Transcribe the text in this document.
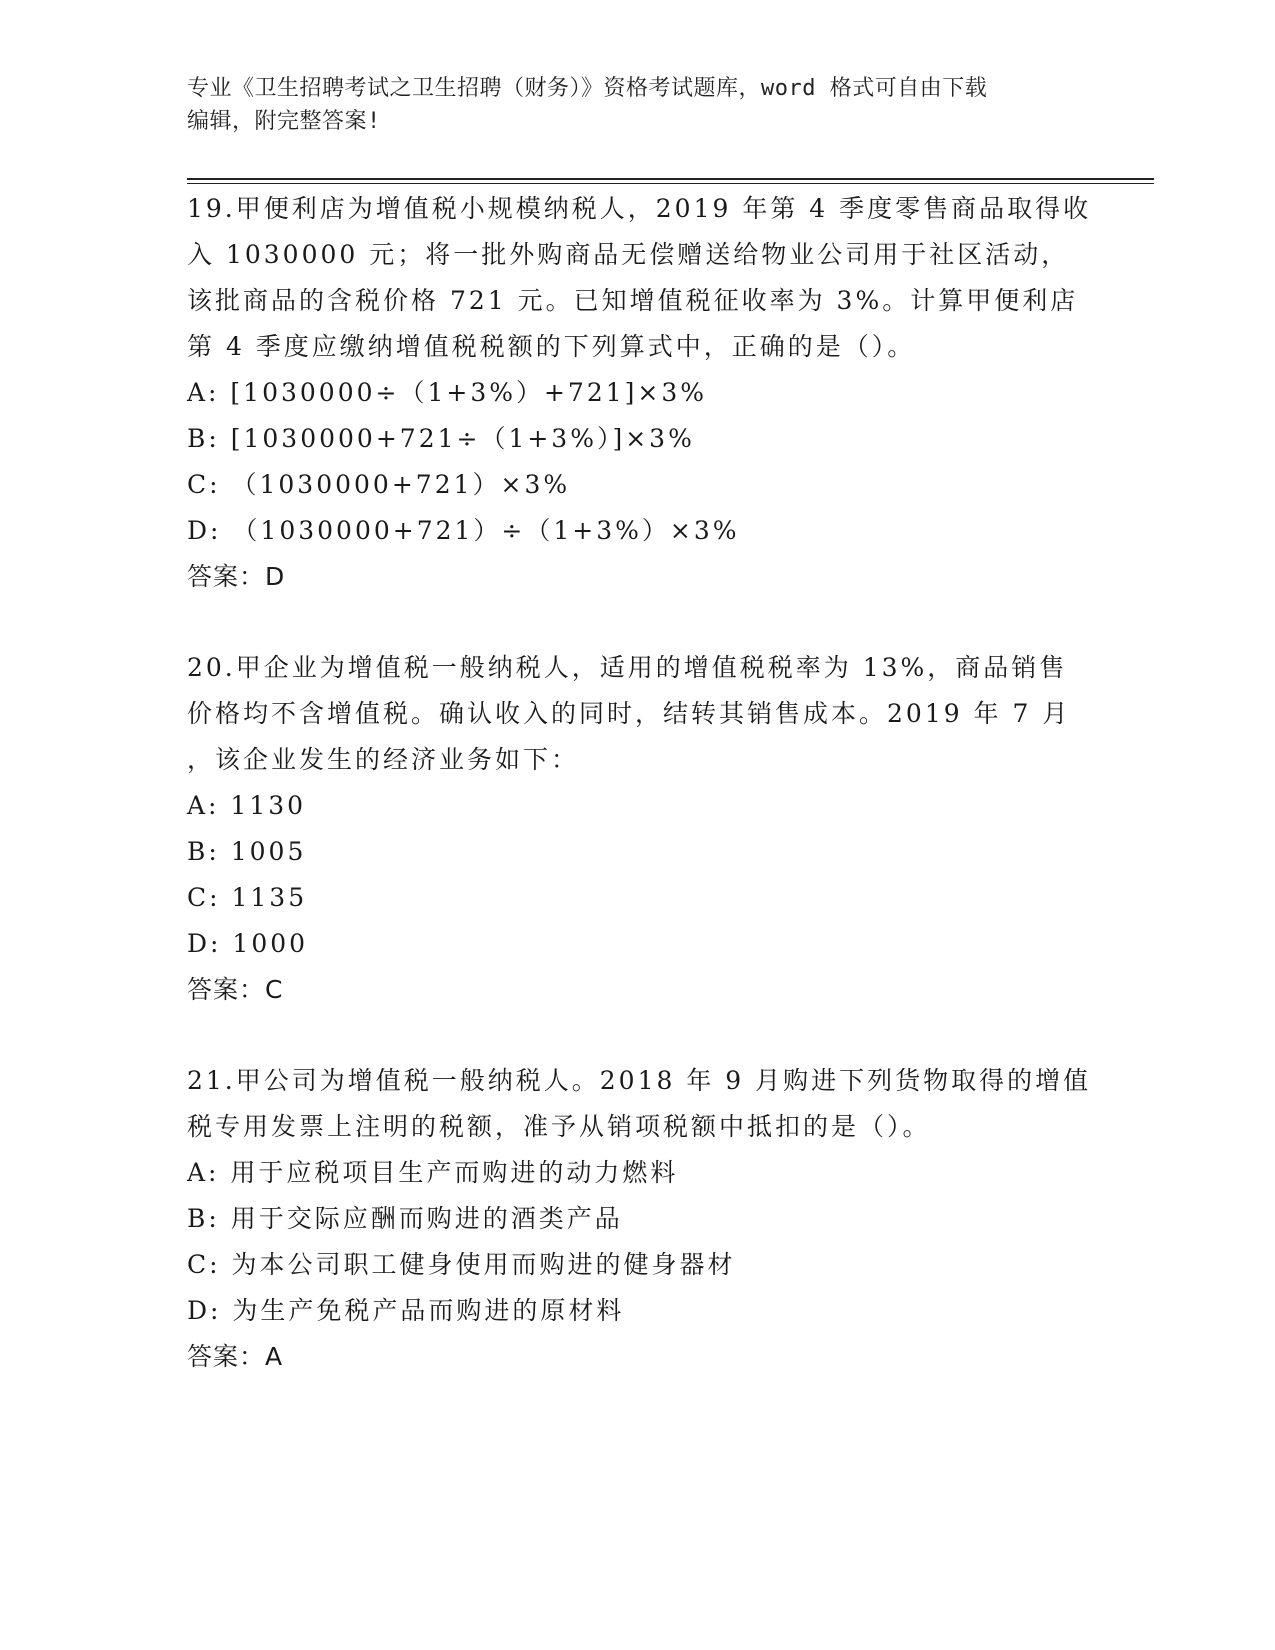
专业《卫生招聘考试之卫生招聘（财务）》资格考试题库，word 格式可自由下载
编辑，附完整答案!
19.甲便利店为增值税小规模纳税人，2019 年第 4 季度零售商品取得收
入 1030000 元；将一批外购商品无偿赠送给物业公司用于社区活动，
该批商品的含税价格 721 元。已知增值税征收率为 3%。计算甲便利店
第 4 季度应缴纳增值税税额的下列算式中，正确的是（）。
A: [1030000÷（1+3%）+721]×3%
B: [1030000+721÷（1+3%）]×3%
C: （1030000+721）×3%
D: （1030000+721）÷（1+3%）×3%
答案：D
20.甲企业为增值税一般纳税人，适用的增值税税率为 13%，商品销售
价格均不含增值税。确认收入的同时，结转其销售成本。2019 年 7 月
，该企业发生的经济业务如下：
A: 1130
B: 1005
C: 1135
D: 1000
答案：C
21.甲公司为增值税一般纳税人。2018 年 9 月购进下列货物取得的增值
税专用发票上注明的税额，准予从销项税额中抵扣的是（）。
A: 用于应税项目生产而购进的动力燃料
B: 用于交际应酬而购进的酒类产品
C: 为本公司职工健身使用而购进的健身器材
D: 为生产免税产品而购进的原材料
答案：A
